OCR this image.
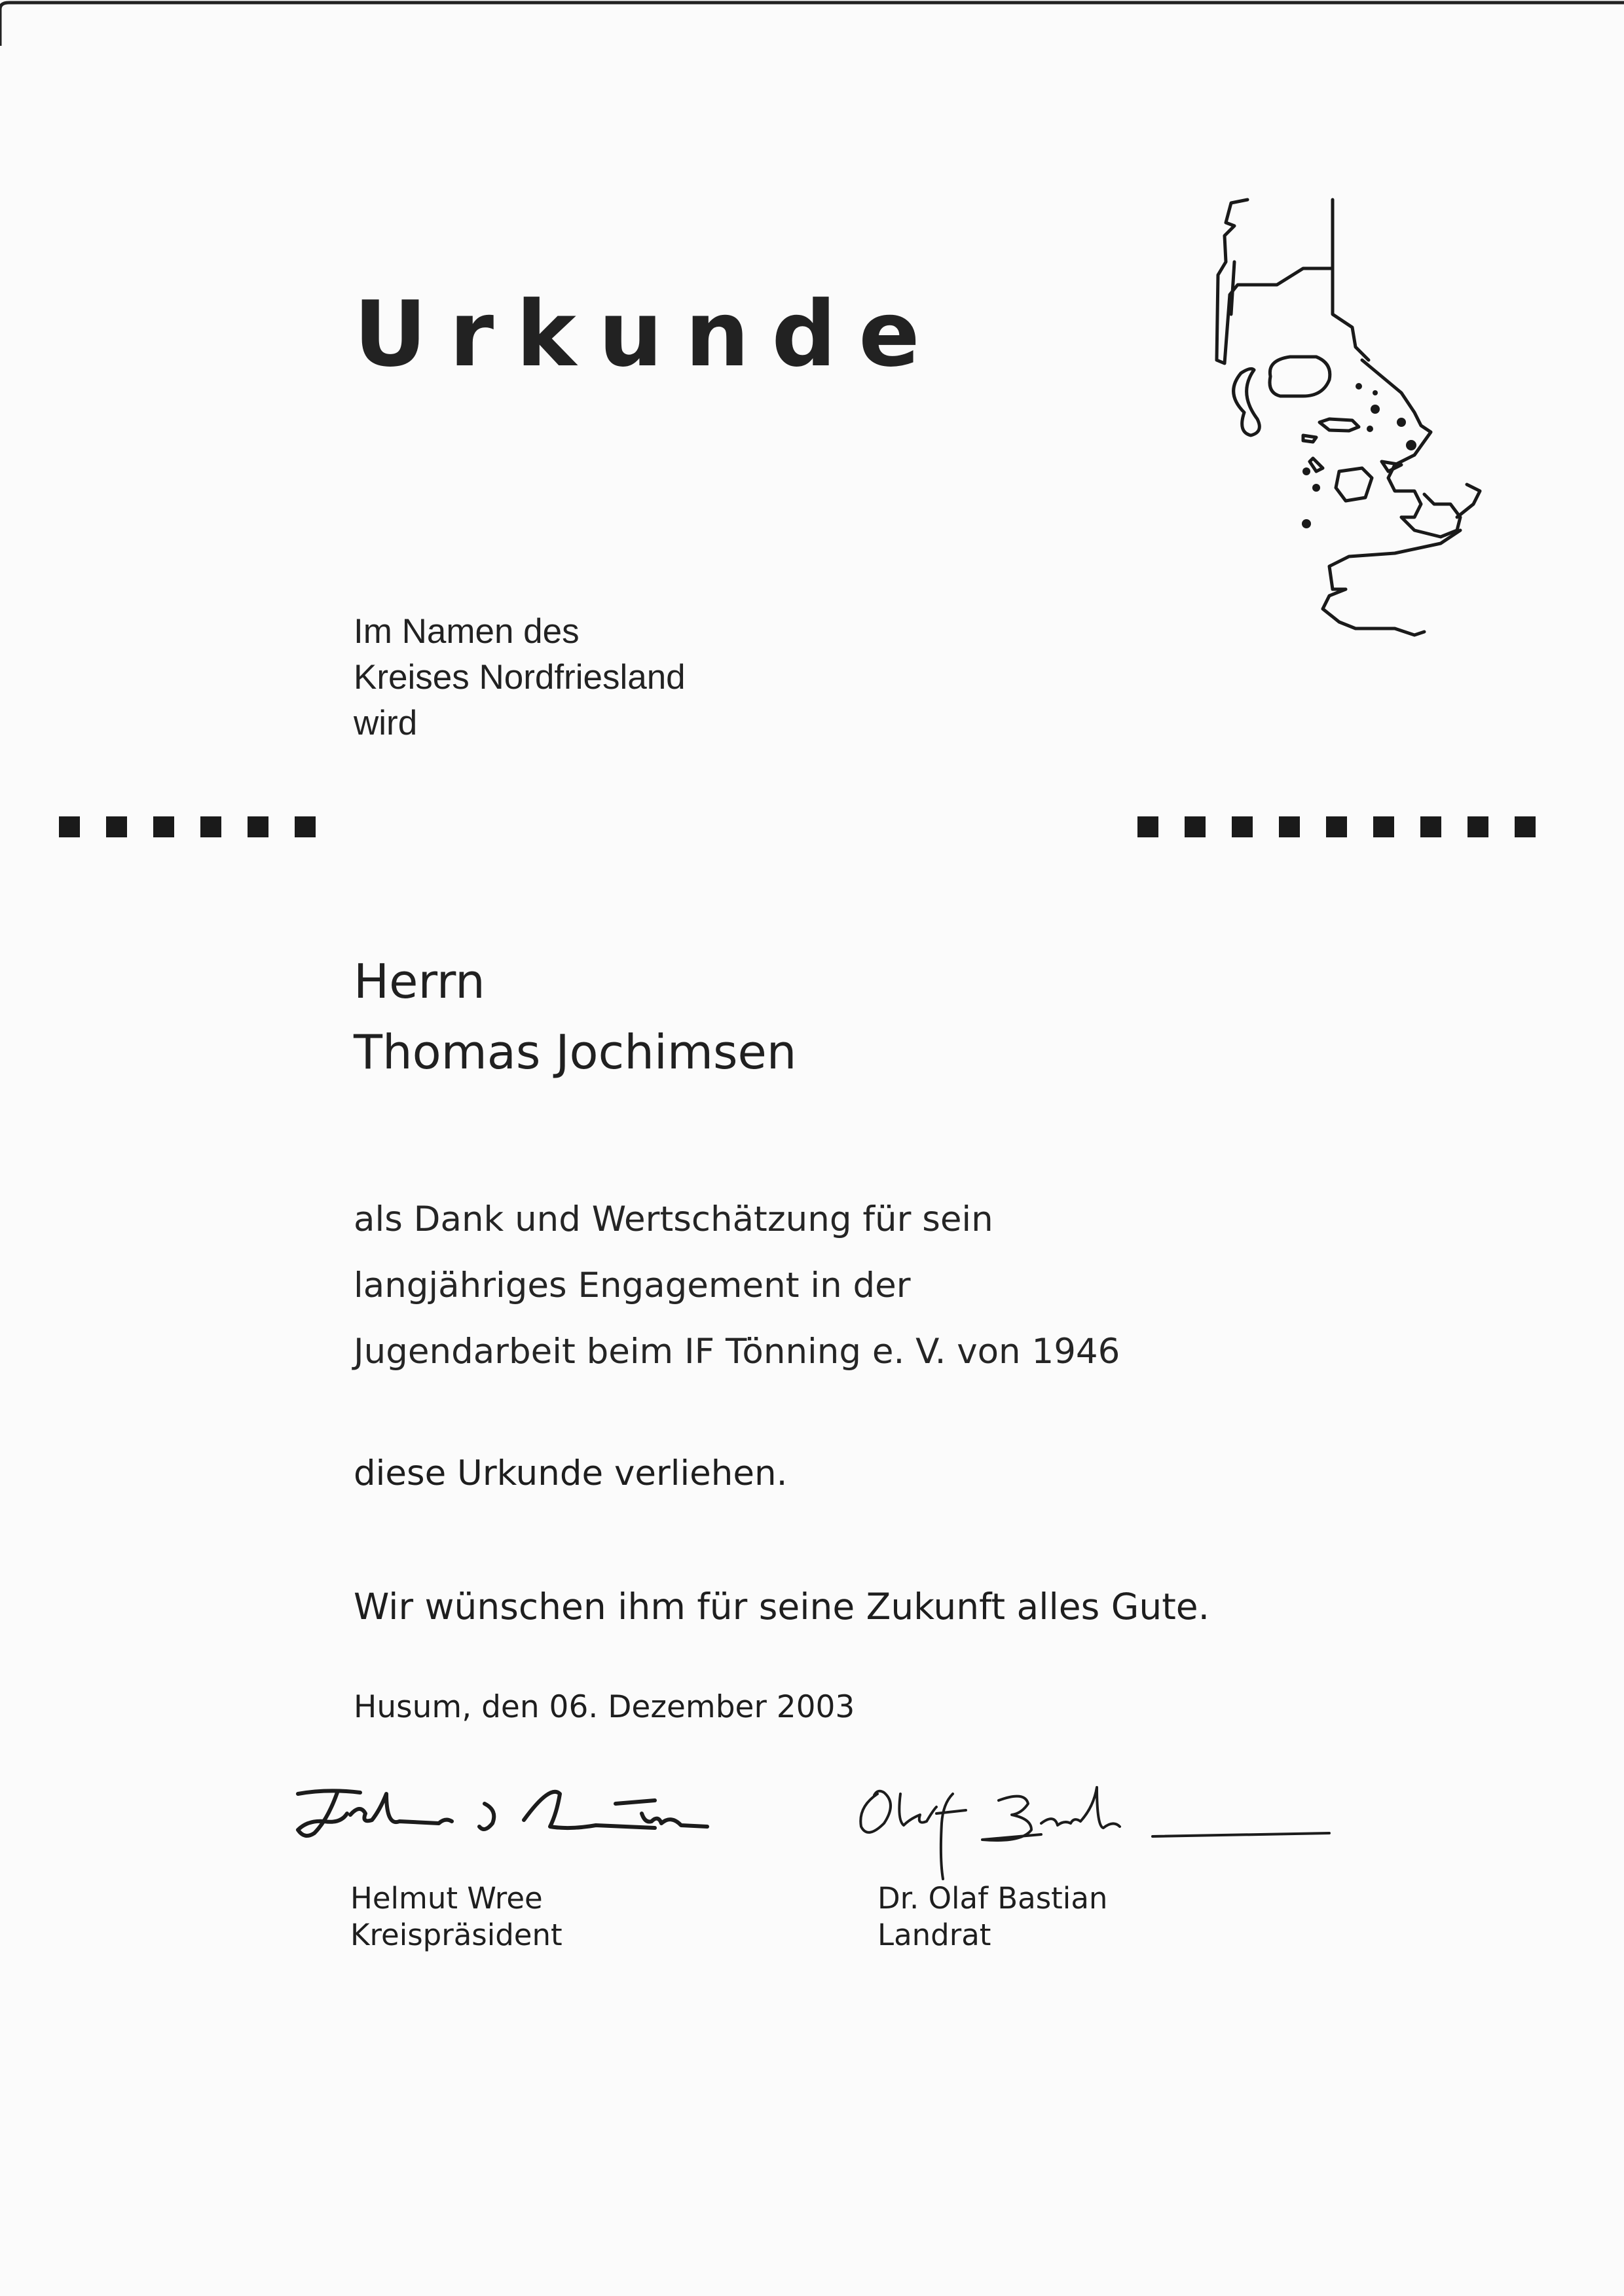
Urkunde
Im Namen des
Kreises Nordfriesland
wird
Herrn
Thomas Jochimsen
als Dank und Wertschätzung für sein
langjähriges Engagement in der
Jugendarbeit beim IF Tönning e. V. von 1946

diese Urkunde verliehen.

Wir wünschen ihm für seine Zukunft alles Gute.

Husum, den 06. Dezember 2003

Helmut Wree
Kreispräsident
Dr. Olaf Bastian
Landrat
